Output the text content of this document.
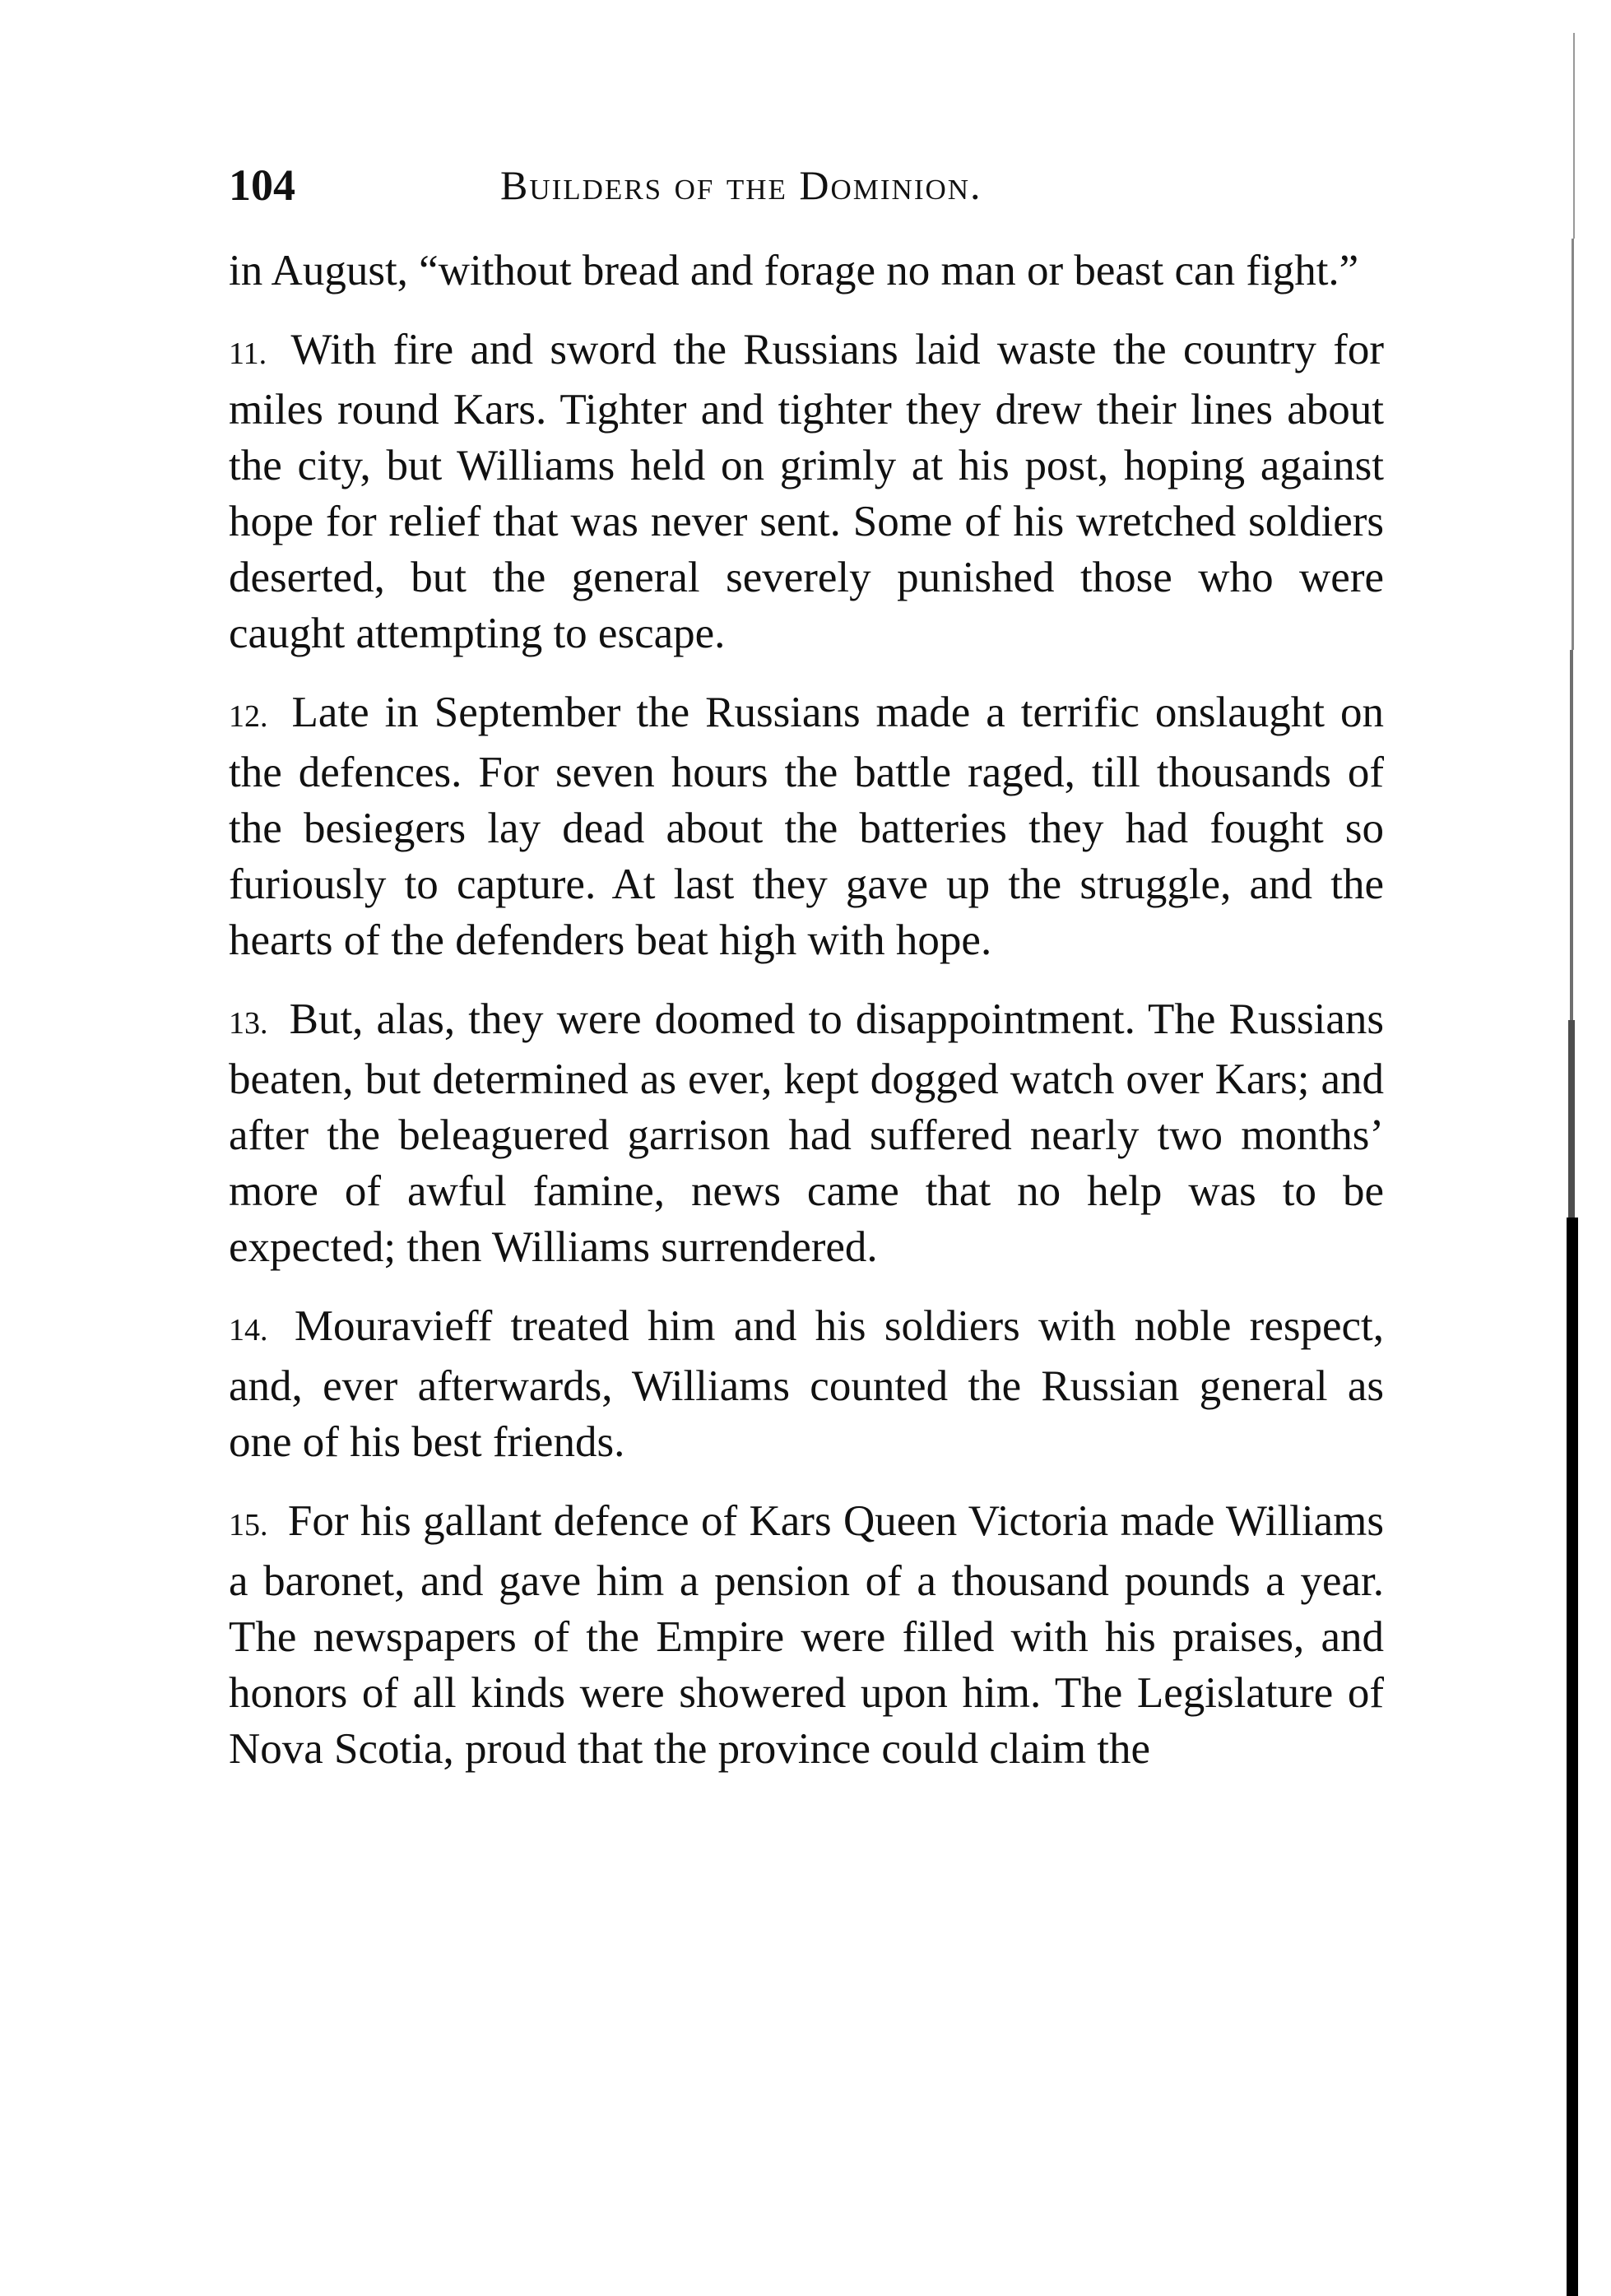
104	Builders of the Dominion.

in August, “without bread and forage no man or beast can fight.”

11. With fire and sword the Russians laid waste the country for miles round Kars. Tighter and tighter they drew their lines about the city, but Williams held on grimly at his post, hoping against hope for relief that was never sent. Some of his wretched soldiers deserted, but the general severely punished those who were caught attempting to escape.

12. Late in September the Russians made a terrific onslaught on the defences. For seven hours the battle raged, till thousands of the besiegers lay dead about the batteries they had fought so furiously to capture. At last they gave up the struggle, and the hearts of the defenders beat high with hope.

13. But, alas, they were doomed to disappointment. The Russians beaten, but determined as ever, kept dogged watch over Kars; and after the beleaguered garrison had suffered nearly two months’ more of awful famine, news came that no help was to be expected; then Williams surrendered.

14. Mouravieff treated him and his soldiers with noble respect, and, ever afterwards, Williams counted the Russian general as one of his best friends.

15. For his gallant defence of Kars Queen Victoria made Williams a baronet, and gave him a pension of a thousand pounds a year. The newspapers of the Empire were filled with his praises, and honors of all kinds were showered upon him. The Legislature of Nova Scotia, proud that the province could claim the
